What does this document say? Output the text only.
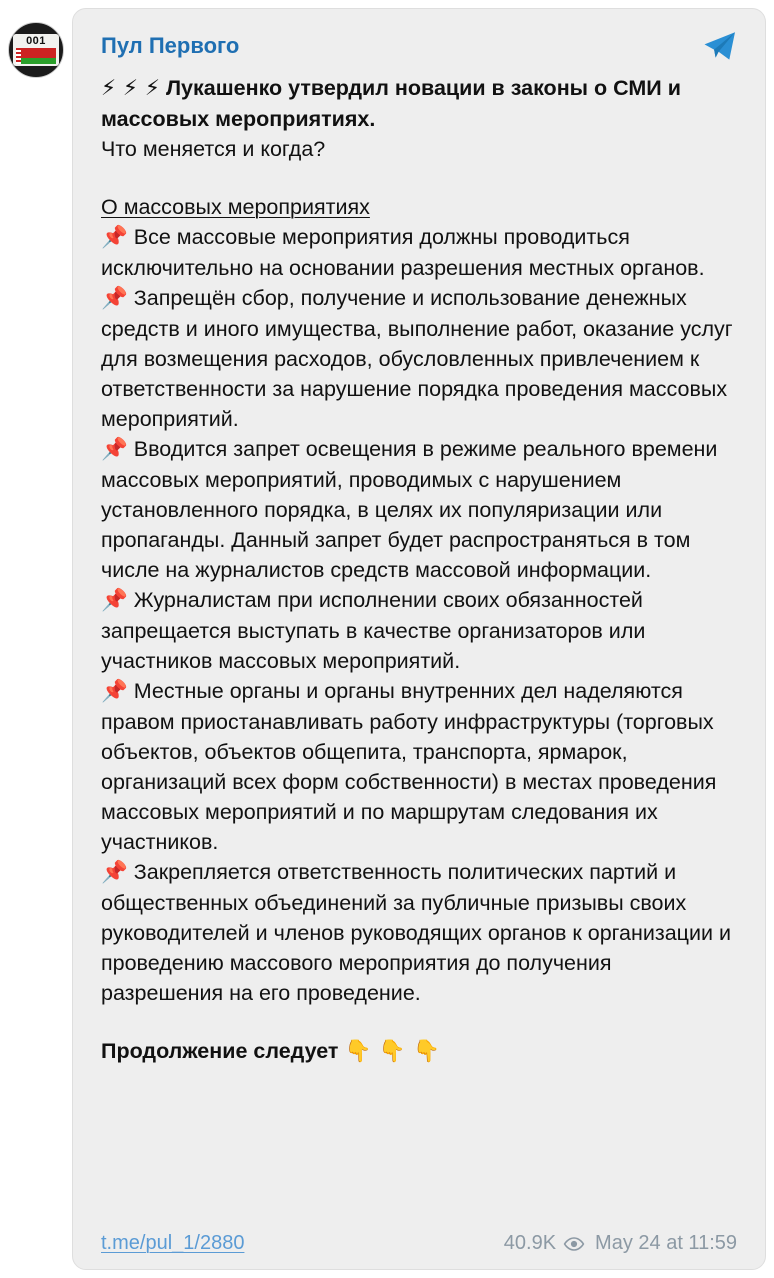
001	Пул Первого

⚡ ⚡ ⚡ Лукашенко утвердил новации в законы о СМИ и массовых мероприятиях.

Что меняется и когда?

О массовых мероприятиях

📌 Все массовые мероприятия должны проводиться исключительно на основании разрешения местных органов.

📌 Запрещён сбор, получение и использование денежных средств и иного имущества, выполнение работ, оказание услуг для возмещения расходов, обусловленных привлечением к ответственности за нарушение порядка проведения массовых мероприятий.

📌 Вводится запрет освещения в режиме реального времени массовых мероприятий, проводимых с нарушением установленного порядка, в целях их популяризации или пропаганды. Данный запрет будет распространяться в том числе на журналистов средств массовой информации.

📌 Журналистам при исполнении своих обязанностей запрещается выступать в качестве организаторов или участников массовых мероприятий.

📌 Местные органы и органы внутренних дел наделяются правом приостанавливать работу инфраструктуры (торговых объектов, объектов общепита, транспорта, ярмарок, организаций всех форм собственности) в местах проведения массовых мероприятий и по маршрутам следования их участников.

📌 Закрепляется ответственность политических партий и общественных объединений за публичные призывы своих руководителей и членов руководящих органов к организации и проведению массового мероприятия до получения разрешения на его проведение.

Продолжение следует 👇 👇 👇

t.me/pul_1/2880	40.9K May 24 at 11:59
